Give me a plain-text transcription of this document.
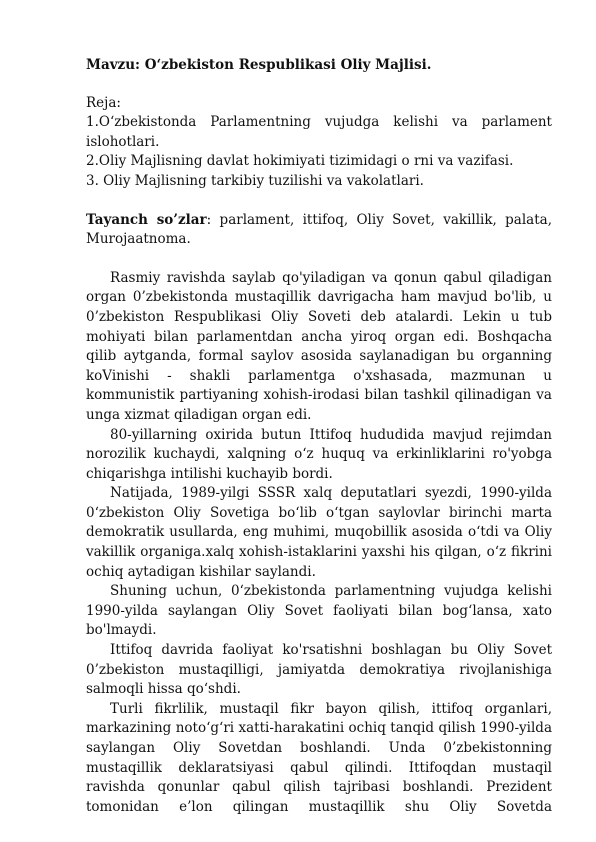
Mavzu: O‘zbekiston Respublikasi Oliy Majlisi.
Reja:
1.O‘zbekistonda Parlamentning vujudga kelishi va parlament islohotlari.
2.Oliy Majlisning davlat hokimiyati tizimidagi o rni va vazifasi.
3. Oliy Majlisning tarkibiy tuzilishi va vakolatlari.
Tayanch so’zlar: parlament, ittifoq, Oliy Sovet, vakillik, palata, Murojaatnoma.

Rasmiy ravishda saylab qo'yiladigan va qonun qabul qiladigan organ 0’zbekistonda mustaqillik davrigacha ham mavjud bo'lib, u 0’zbekiston Respublikasi Oliy Soveti deb atalardi. Lekin u tub mohiyati bilan parlamentdan ancha yiroq organ edi. Boshqacha qilib aytganda, formal saylov asosida saylanadigan bu organning koVinishi - shakli parlamentga o'xshasada, mazmunan u kommunistik partiyaning xohish-irodasi bilan tashkil qilinadigan va unga xizmat qiladigan organ edi.

80-yillarning oxirida butun Ittifoq hududida mavjud rejimdan norozilik kuchaydi, xalqning o‘z huquq va erkinliklarini ro'yobga chiqarishga intilishi kuchayib bordi.

Natijada, 1989-yilgi SSSR xalq deputatlari syezdi, 1990-yilda 0‘zbekiston Oliy Sovetiga bo‘lib o‘tgan saylovlar birinchi marta demokratik usullarda, eng muhimi, muqobillik asosida o‘tdi va Oliy vakillik organiga.xalq xohish-istaklarini yaxshi his qilgan, o‘z fikrini ochiq aytadigan kishilar saylandi.

Shuning uchun, 0‘zbekistonda parlamentning vujudga kelishi 1990-yilda saylangan Oliy Sovet faoliyati bilan bog‘lansa, xato bo'lmaydi.

Ittifoq davrida faoliyat ko'rsatishni boshlagan bu Oliy Sovet 0’zbekiston mustaqilligi, jamiyatda demokratiya rivojlanishiga salmoqli hissa qo‘shdi.

Turli fikrlilik, mustaqil fikr bayon qilish, ittifoq organlari, markazining noto‘g‘ri xatti-harakatini ochiq tanqid qilish 1990-yilda saylangan Oliy Sovetdan boshlandi. Unda 0’zbekistonning mustaqillik deklaratsiyasi qabul qilindi. Ittifoqdan mustaqil ravishda qonunlar qabul qilish tajribasi boshlandi. Prezident tomonidan e’lon qilingan mustaqillik shu Oliy Sovetda
